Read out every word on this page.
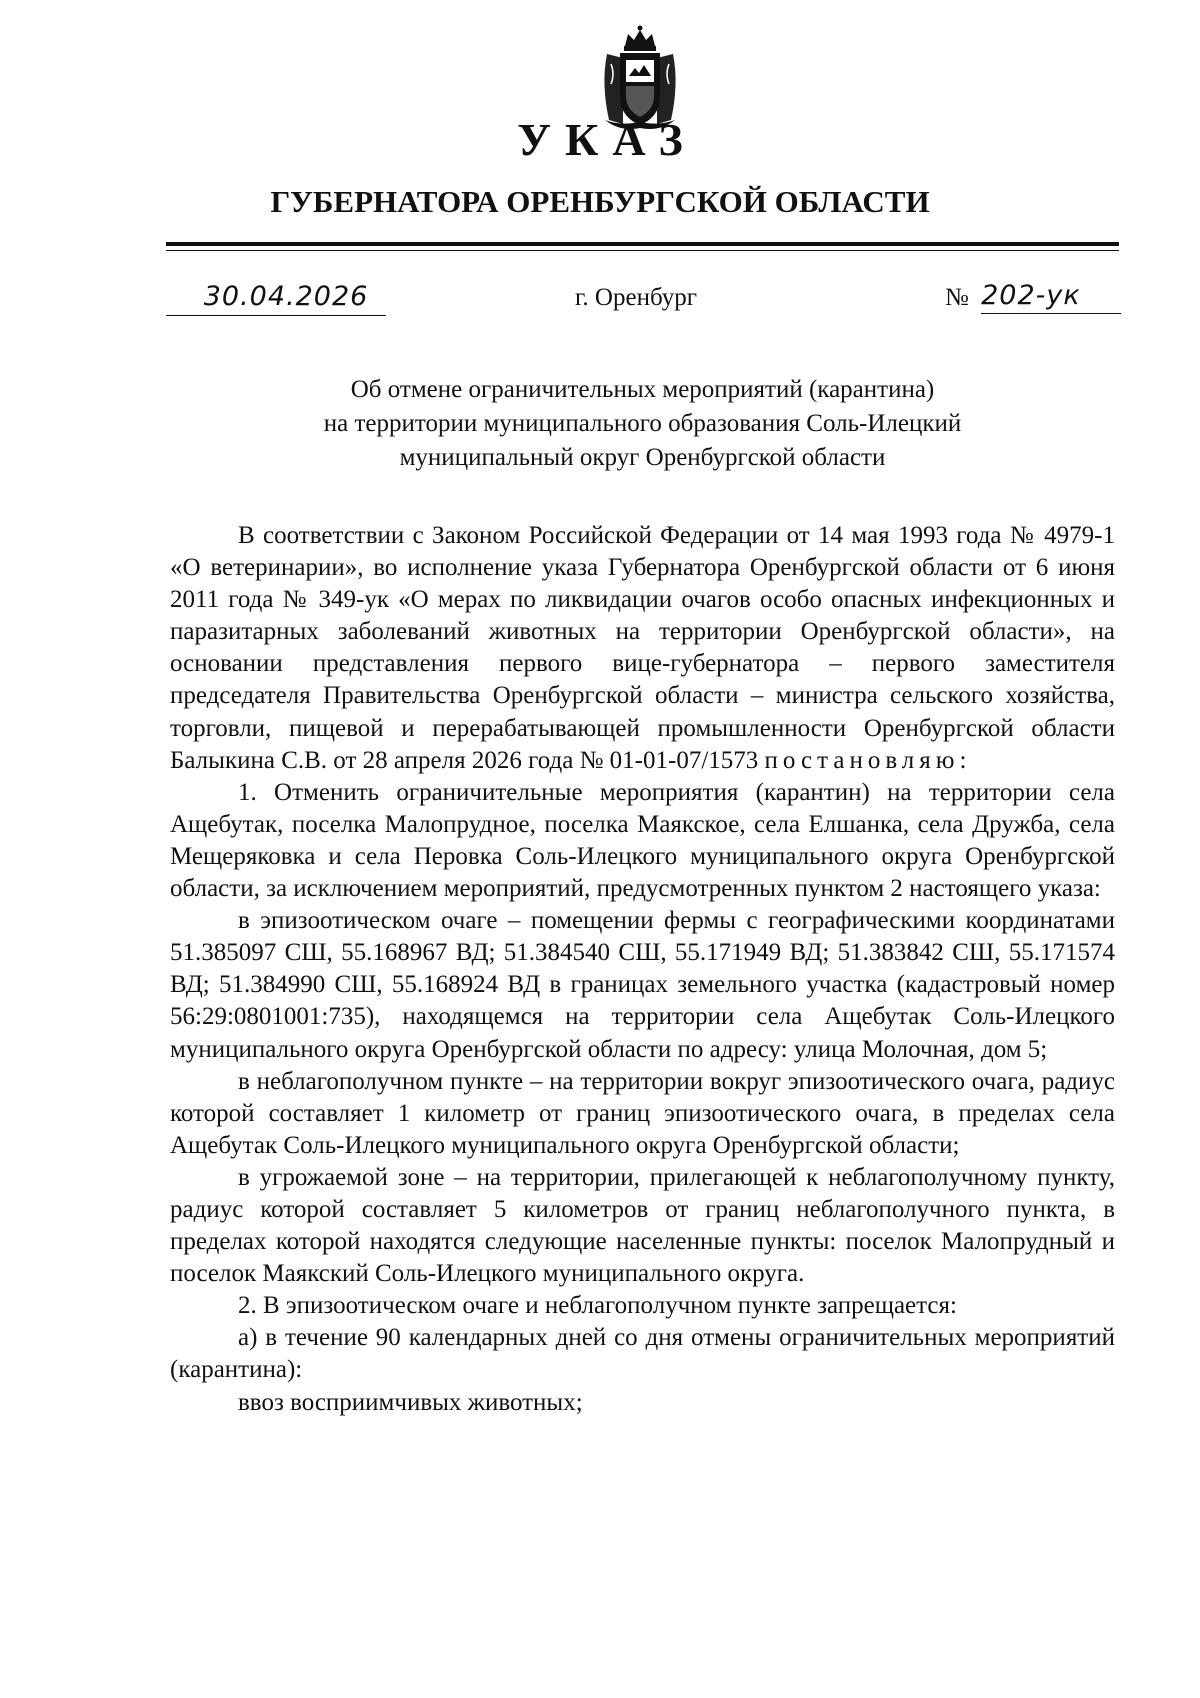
УКАЗ
ГУБЕРНАТОРА ОРЕНБУРГСКОЙ ОБЛАСТИ
30.04.2026	г. Оренбург	№ 202-ук
Об отмене ограничительных мероприятий (карантина)
на территории муниципального образования Соль-Илецкий
муниципальный округ Оренбургской области

В соответствии с Законом Российской Федерации от 14 мая 1993 года № 4979-1 «О ветеринарии», во исполнение указа Губернатора Оренбургской области от 6 июня 2011 года № 349-ук «О мерах по ликвидации очагов особо опасных инфекционных и паразитарных заболеваний животных на территории Оренбургской области», на основании представления первого вице-губернатора – первого заместителя председателя Правительства Оренбургской области – министра сельского хозяйства, торговли, пищевой и перерабатывающей промышленности Оренбургской области Балыкина С.В. от 28 апреля 2026 года № 01-01-07/1573 постановляю:

1. Отменить ограничительные мероприятия (карантин) на территории села Ащебутак, поселка Малопрудное, поселка Маякское, села Елшанка, села Дружба, села Мещеряковка и села Перовка Соль-Илецкого муниципального округа Оренбургской области, за исключением мероприятий, предусмотренных пунктом 2 настоящего указа:

в эпизоотическом очаге – помещении фермы с географическими координатами 51.385097 СШ, 55.168967 ВД; 51.384540 СШ, 55.171949 ВД; 51.383842 СШ, 55.171574 ВД; 51.384990 СШ, 55.168924 ВД в границах земельного участка (кадастровый номер 56:29:0801001:735), находящемся на территории села Ащебутак Соль-Илецкого муниципального округа Оренбургской области по адресу: улица Молочная, дом 5;

в неблагополучном пункте – на территории вокруг эпизоотического очага, радиус которой составляет 1 километр от границ эпизоотического очага, в пределах села Ащебутак Соль-Илецкого муниципального округа Оренбургской области;

в угрожаемой зоне – на территории, прилегающей к неблагополучному пункту, радиус которой составляет 5 километров от границ неблагополучного пункта, в пределах которой находятся следующие населенные пункты: поселок Малопрудный и поселок Маякский Соль-Илецкого муниципального округа.

2. В эпизоотическом очаге и неблагополучном пункте запрещается:

а) в течение 90 календарных дней со дня отмены ограничительных мероприятий (карантина):

ввоз восприимчивых животных;
